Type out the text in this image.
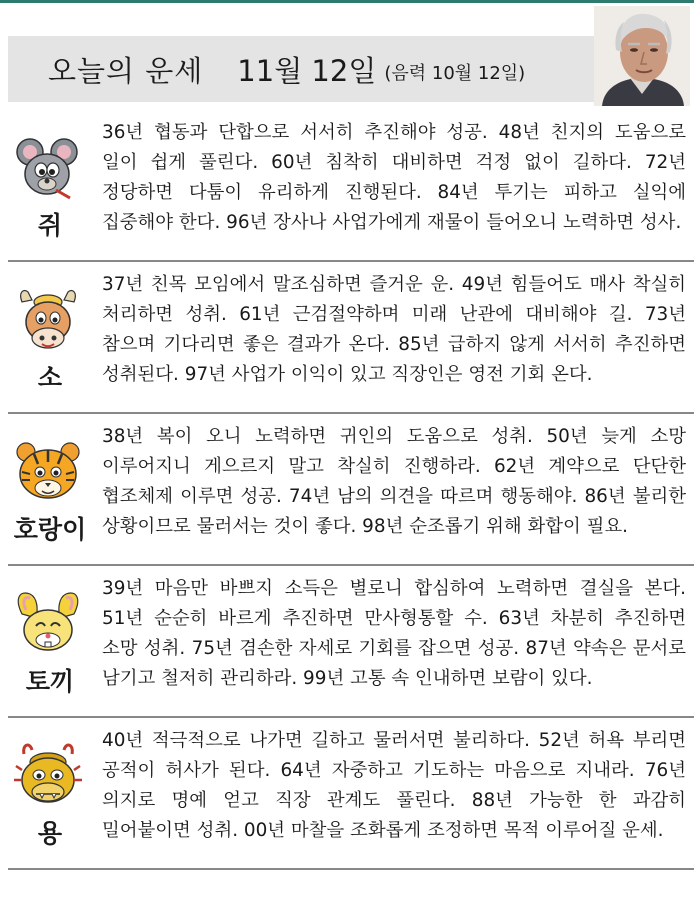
오늘의 운세 11월 12일 (음력 10월 12일)
쥐

36년 협동과 단합으로 서서히 추진해야 성공. 48년 친지의 도움으로 일이 쉽게 풀린다. 60년 침착히 대비하면 걱정 없이 길하다. 72년 정당하면 다툼이 유리하게 진행된다. 84년 투기는 피하고 실익에 집중해야 한다. 96년 장사나 사업가에게 재물이 들어오니 노력하면 성사.

소

37년 친목 모임에서 말조심하면 즐거운 운. 49년 힘들어도 매사 착실히 처리하면 성취. 61년 근검절약하며 미래 난관에 대비해야 길. 73년 참으며 기다리면 좋은 결과가 온다. 85년 급하지 않게 서서히 추진하면 성취된다. 97년 사업가 이익이 있고 직장인은 영전 기회 온다.

호랑이

38년 복이 오니 노력하면 귀인의 도움으로 성취. 50년 늦게 소망 이루어지니 게으르지 말고 착실히 진행하라. 62년 계약으로 단단한 협조체제 이루면 성공. 74년 남의 의견을 따르며 행동해야. 86년 불리한 상황이므로 물러서는 것이 좋다. 98년 순조롭기 위해 화합이 필요.

토끼

39년 마음만 바쁘지 소득은 별로니 합심하여 노력하면 결실을 본다. 51년 순순히 바르게 추진하면 만사형통할 수. 63년 차분히 추진하면 소망 성취. 75년 겸손한 자세로 기회를 잡으면 성공. 87년 약속은 문서로 남기고 철저히 관리하라. 99년 고통 속 인내하면 보람이 있다.

용

40년 적극적으로 나가면 길하고 물러서면 불리하다. 52년 허욕 부리면 공적이 허사가 된다. 64년 자중하고 기도하는 마음으로 지내라. 76년 의지로 명예 얻고 직장 관계도 풀린다. 88년 가능한 한 과감히 밀어붙이면 성취. 00년 마찰을 조화롭게 조정하면 목적 이루어질 운세.
